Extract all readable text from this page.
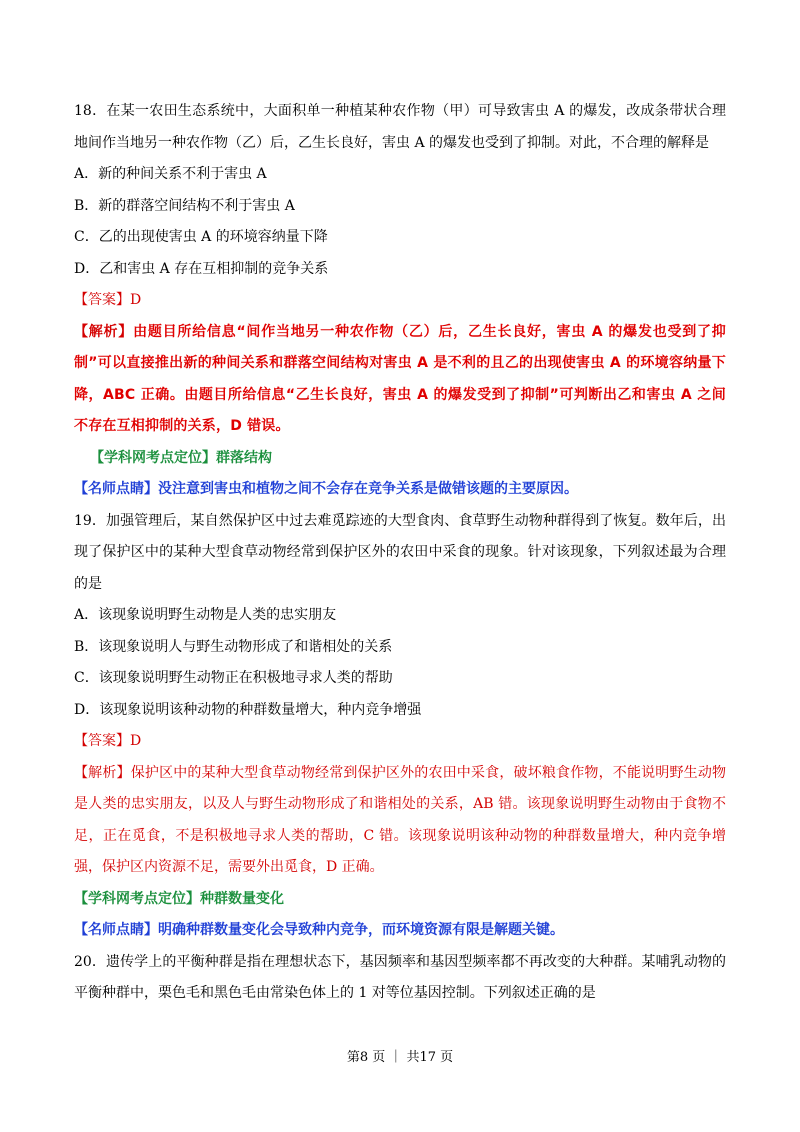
18．在某一农田生态系统中，大面积单一种植某种农作物（甲）可导致害虫 A 的爆发，改成条带状合理地间作当地另一种农作物（乙）后，乙生长良好，害虫 A 的爆发也受到了抑制。对此，不合理的解释是

A．新的种间关系不利于害虫 A

B．新的群落空间结构不利于害虫 A

C．乙的出现使害虫 A 的环境容纳量下降

D．乙和害虫 A 存在互相抑制的竞争关系

【答案】D

【解析】由题目所给信息“间作当地另一种农作物（乙）后，乙生长良好，害虫 A 的爆发也受到了抑制”可以直接推出新的种间关系和群落空间结构对害虫 A 是不利的且乙的出现使害虫 A 的环境容纳量下降，ABC 正确。由题目所给信息“乙生长良好，害虫 A 的爆发受到了抑制”可判断出乙和害虫 A 之间不存在互相抑制的关系，D 错误。

【学科网考点定位】群落结构

【名师点睛】没注意到害虫和植物之间不会存在竞争关系是做错该题的主要原因。

19．加强管理后，某自然保护区中过去难觅踪迹的大型食肉、食草野生动物种群得到了恢复。数年后，出现了保护区中的某种大型食草动物经常到保护区外的农田中采食的现象。针对该现象，下列叙述最为合理的是

A．该现象说明野生动物是人类的忠实朋友

B．该现象说明人与野生动物形成了和谐相处的关系

C．该现象说明野生动物正在积极地寻求人类的帮助

D．该现象说明该种动物的种群数量增大，种内竞争增强

【答案】D

【解析】保护区中的某种大型食草动物经常到保护区外的农田中采食，破坏粮食作物，不能说明野生动物是人类的忠实朋友，以及人与野生动物形成了和谐相处的关系，AB 错。该现象说明野生动物由于食物不足，正在觅食，不是积极地寻求人类的帮助，C 错。该现象说明该种动物的种群数量增大，种内竞争增强，保护区内资源不足，需要外出觅食，D 正确。

【学科网考点定位】种群数量变化

【名师点睛】明确种群数量变化会导致种内竞争，而环境资源有限是解题关键。

20．遗传学上的平衡种群是指在理想状态下，基因频率和基因型频率都不再改变的大种群。某哺乳动物的平衡种群中，栗色毛和黑色毛由常染色体上的 1 对等位基因控制。下列叙述正确的是

第8 页 ｜ 共17 页
